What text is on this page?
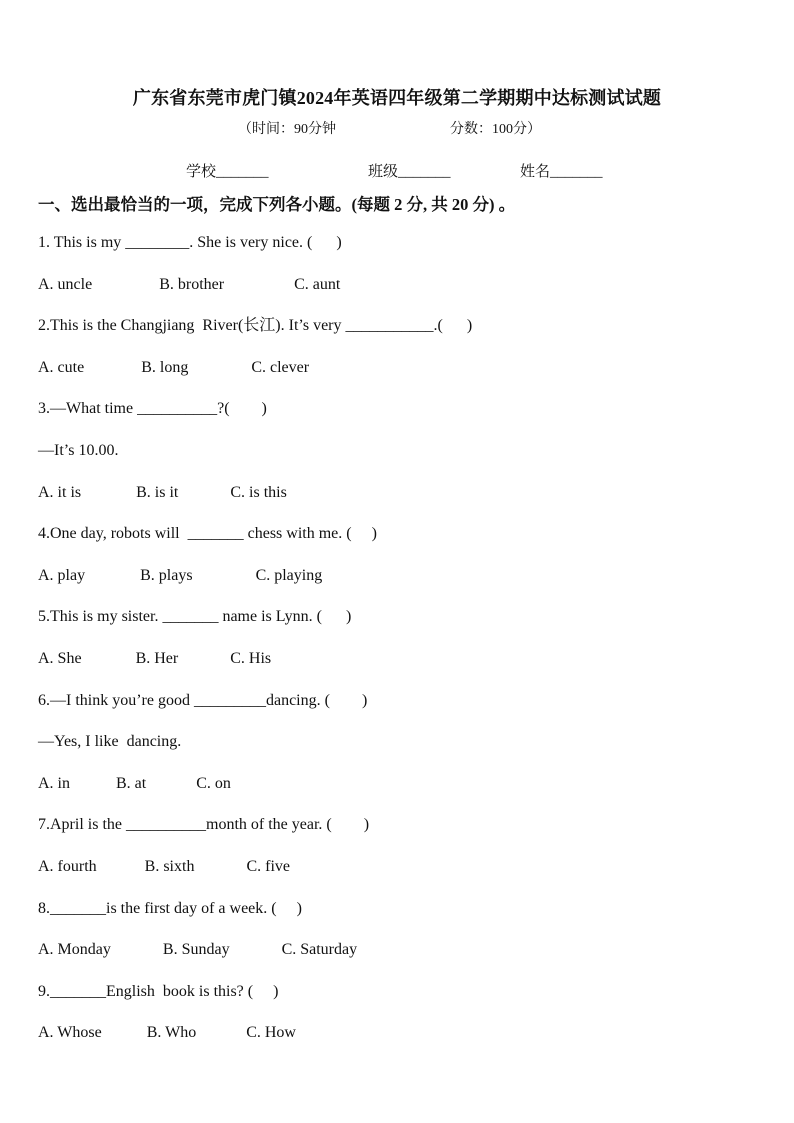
广东省东莞市虎门镇2024年英语四年级第二学期期中达标测试试题
（时间：90分钟	分数：100分）
学校_______	班级_______	姓名_______
一、选出最恰当的一项，完成下列各小题。(每题 2 分, 共 20 分) 。
1. This is my ________. She is very nice. (      )
A. uncle	B. brother	C. aunt
2.This is the Changjiang  River(长江). It’s very ___________.(      )
A. cute	B. long	C. clever
3.—What time __________?(        )
—It’s 10.00.
A. it is	B. is it	C. is this
4.One day, robots will  _______ chess with me. (     )
A. play	B. plays	C. playing
5.This is my sister. _______ name is Lynn. (      )
A. She	B. Her	C. His
6.—I think you’re good _________dancing. (        )
—Yes, I like  dancing.
A. in	B. at	C. on
7.April is the __________month of the year. (        )
A. fourth	B. sixth	C. five
8._______is the first day of a week. (     )
A. Monday	B. Sunday	C. Saturday
9._______English  book is this? (     )
A. Whose	B. Who	C. How
